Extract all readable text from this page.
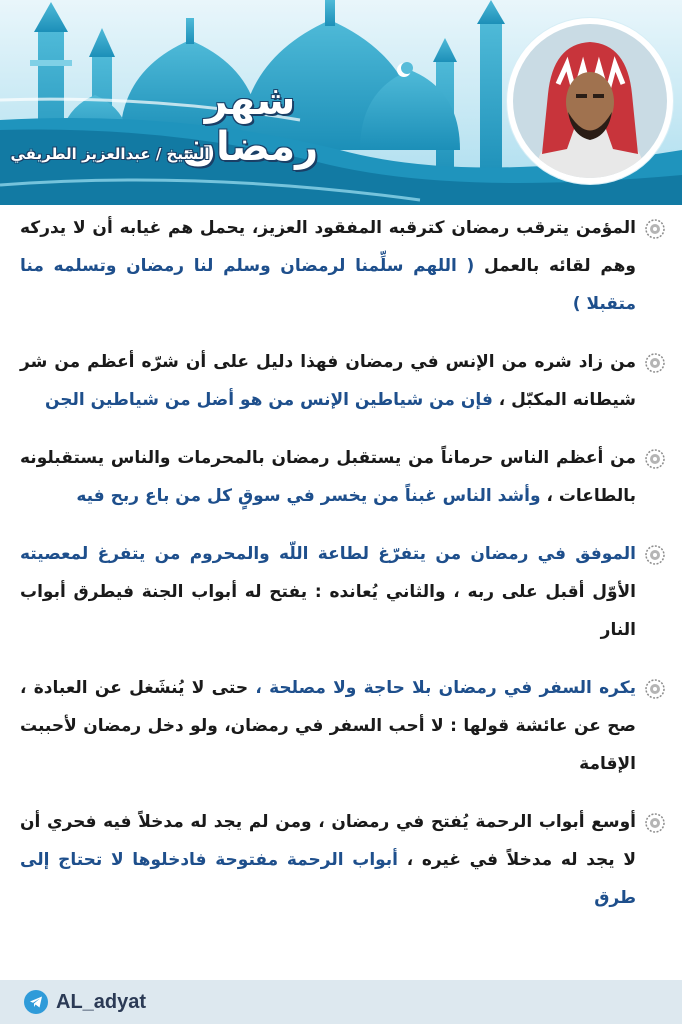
شهر رمضان
الشيخ / عبدالعزيز الطريفي
المؤمن يترقب رمضان كترقبه المفقود العزيز، يحمل هم غيابه أن لا يدركه وهم لقائه بالعمل ( اللهم سلِّمنا لرمضان وسلم لنا رمضان وتسلمه منا متقبلا )
من زاد شره من الإنس في رمضان فهذا دليل على أن شرّه أعظم من شر شيطانه المكبّل ، فإن من شياطين الإنس من هو أضل من شياطين الجن
من أعظم الناس حرماناً من يستقبل رمضان بالمحرمات والناس يستقبلونه بالطاعات ، وأشد الناس غبناً من يخسر في سوقٍ كل من باع ربح فيه
الموفق في رمضان من يتفرّغ لطاعة اللّه والمحروم من يتفرغ لمعصيته الأوّل أقبل على ربه ، والثاني يُعانده : يفتح له أبواب الجنة فيطرق أبواب النار
يكره السفر في رمضان بلا حاجة ولا مصلحة ، حتى لا يُنشَغل عن العبادة ، صح عن عائشة قولها : لا أحب السفر في رمضان، ولو دخل رمضان لأحببت الإقامة
أوسع أبواب الرحمة يُفتح في رمضان ، ومن لم يجد له مدخلاً فيه فحري أن لا يجد له مدخلاً في غيره ، أبواب الرحمة مفتوحة فادخلوها لا تحتاج إلى طرق
AL_adyat
